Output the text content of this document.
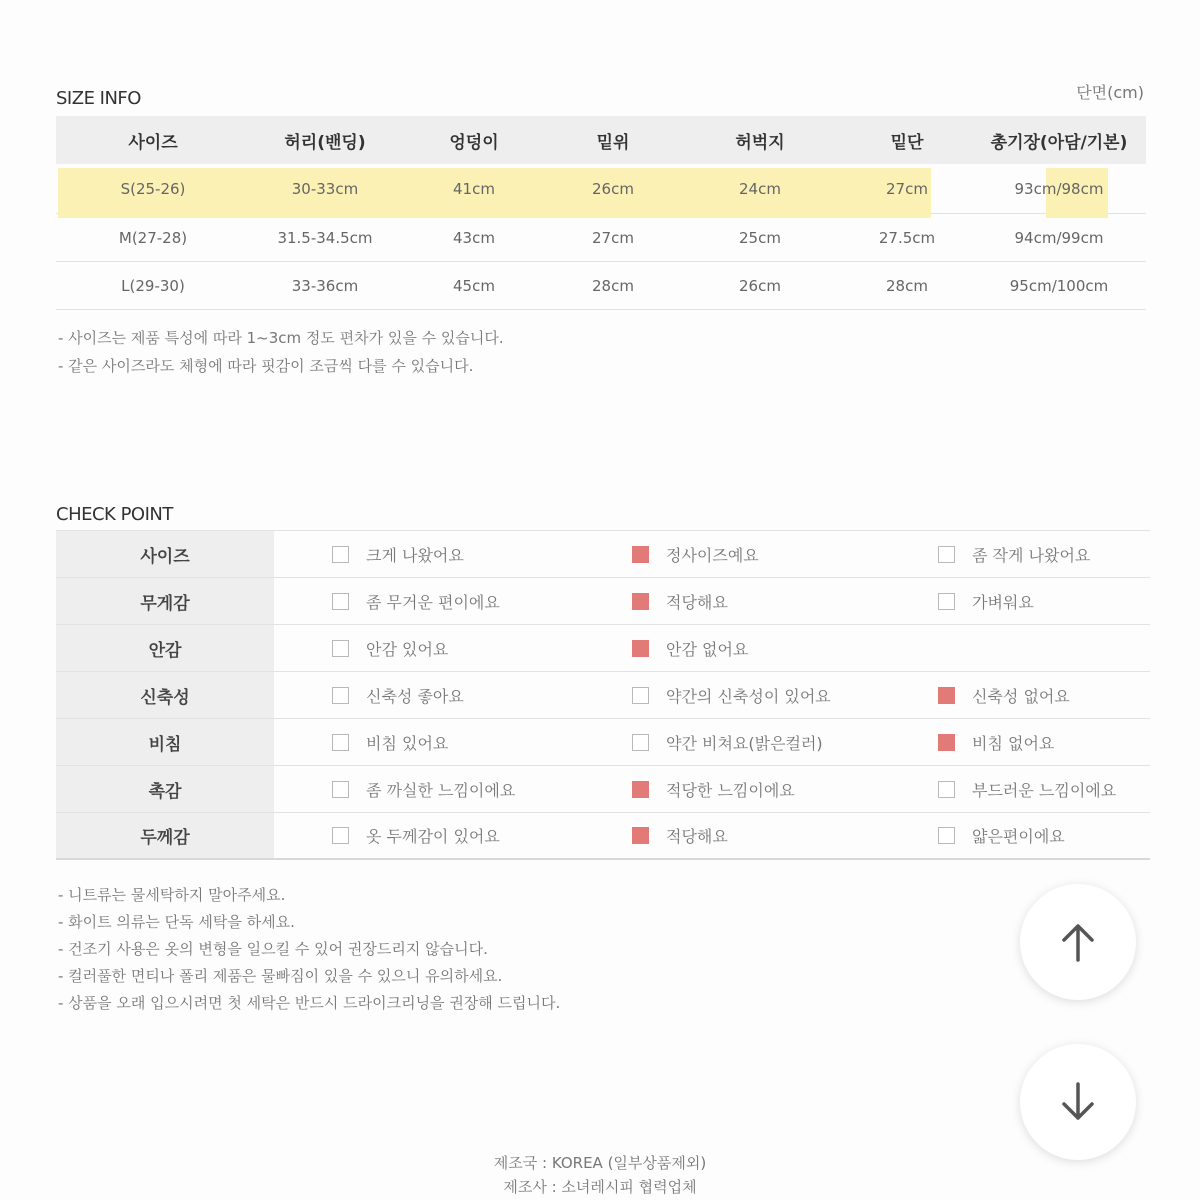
SIZE INFO	단면(cm)
사이즈	허리(밴딩)	엉덩이	밑위	허벅지	밑단	총기장(아담/기본)
S(25-26)	30-33cm	41cm	26cm	24cm	27cm	93cm/98cm
M(27-28)	31.5-34.5cm	43cm	27cm	25cm	27.5cm	94cm/99cm
L(29-30)	33-36cm	45cm	28cm	26cm	28cm	95cm/100cm
- 사이즈는 제품 특성에 따라 1~3cm 정도 편차가 있을 수 있습니다.
- 같은 사이즈라도 체형에 따라 핏감이 조금씩 다를 수 있습니다.
CHECK POINT
사이즈	크게 나왔어요	정사이즈예요	좀 작게 나왔어요
무게감	좀 무거운 편이에요	적당해요	가벼워요
안감	안감 있어요	안감 없어요
신축성	신축성 좋아요	약간의 신축성이 있어요	신축성 없어요
비침	비침 있어요	약간 비쳐요(밝은컬러)	비침 없어요
촉감	좀 까실한 느낌이에요	적당한 느낌이에요	부드러운 느낌이에요
두께감	옷 두께감이 있어요	적당해요	얇은편이에요
- 니트류는 물세탁하지 말아주세요.
- 화이트 의류는 단독 세탁을 하세요.
- 건조기 사용은 옷의 변형을 일으킬 수 있어 권장드리지 않습니다.
- 컬러풀한 면티나 폴리 제품은 물빠짐이 있을 수 있으니 유의하세요.
- 상품을 오래 입으시려면 첫 세탁은 반드시 드라이크리닝을 권장해 드립니다.
제조국 : KOREA (일부상품제외)
제조사 : 소녀레시피 협력업체
